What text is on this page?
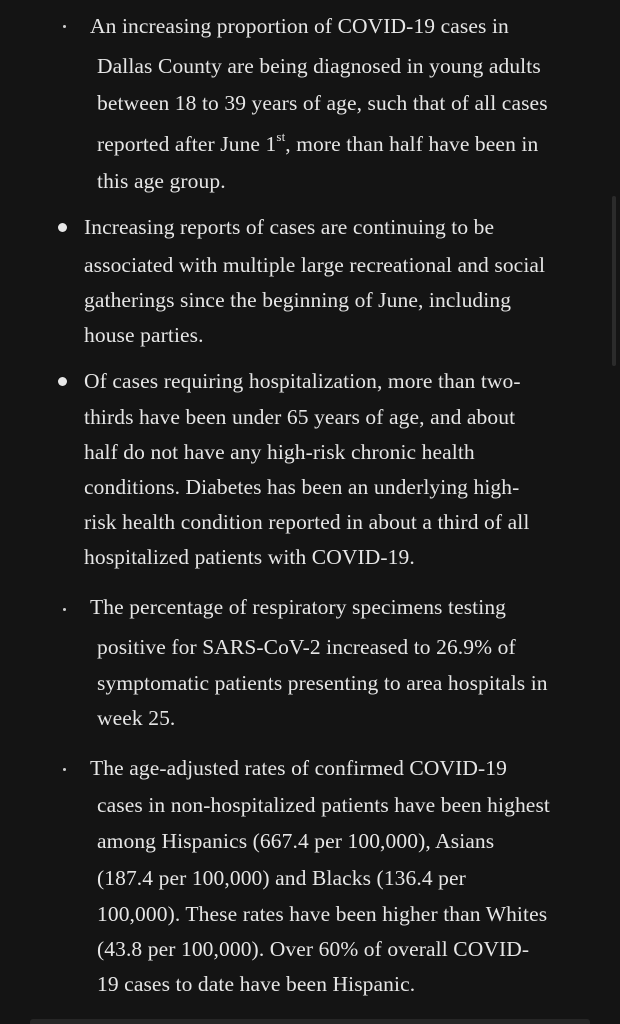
An increasing proportion of COVID-19 cases in
Dallas County are being diagnosed in young adults
between 18 to 39 years of age, such that of all cases
reported after June 1st, more than half have been in
this age group.
Increasing reports of cases are continuing to be
associated with multiple large recreational and social
gatherings since the beginning of June, including
house parties.
Of cases requiring hospitalization, more than two-
thirds have been under 65 years of age, and about
half do not have any high-risk chronic health
conditions. Diabetes has been an underlying high-
risk health condition reported in about a third of all
hospitalized patients with COVID-19.
The percentage of respiratory specimens testing
positive for SARS-CoV-2 increased to 26.9% of
symptomatic patients presenting to area hospitals in
week 25.
The age-adjusted rates of confirmed COVID-19
cases in non-hospitalized patients have been highest
among Hispanics (667.4 per 100,000), Asians
(187.4 per 100,000) and Blacks (136.4 per
100,000). These rates have been higher than Whites
(43.8 per 100,000). Over 60% of overall COVID-
19 cases to date have been Hispanic.
